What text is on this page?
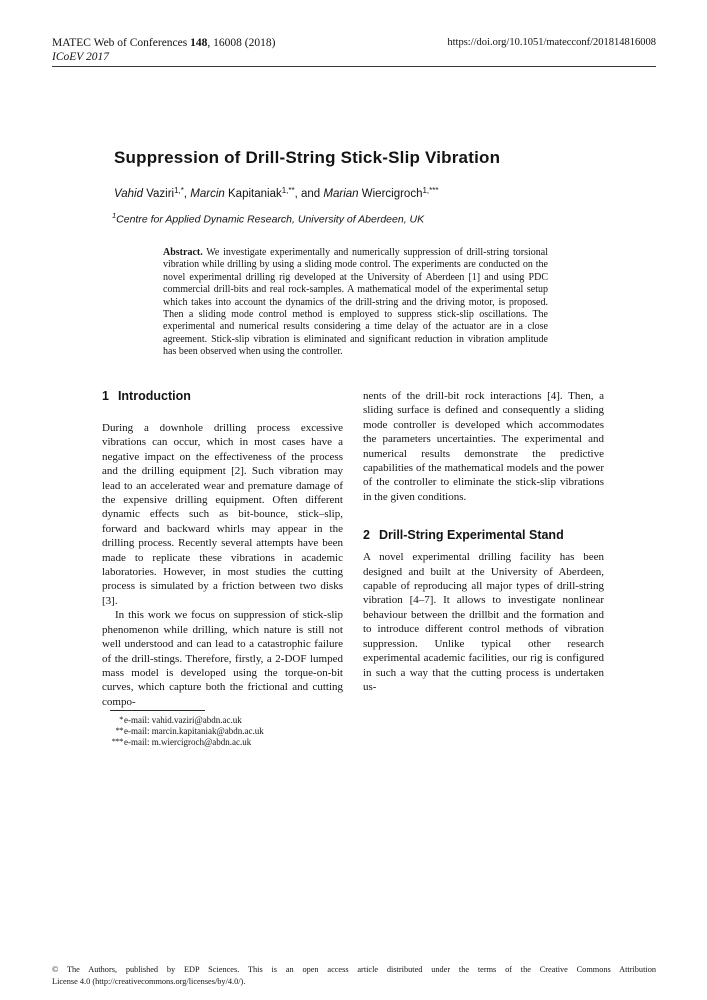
MATEC Web of Conferences 148, 16008 (2018)
ICoEV 2017
https://doi.org/10.1051/matecconf/201814816008
Suppression of Drill-String Stick-Slip Vibration
Vahid Vaziri$^{1,*}$, Marcin Kapitaniak$^{1,**}$, and Marian Wiercigroch$^{1,***}$
$^1$Centre for Applied Dynamic Research, University of Aberdeen, UK
Abstract. We investigate experimentally and numerically suppression of drill-string torsional vibration while drilling by using a sliding mode control. The experiments are conducted on the novel experimental drilling rig developed at the University of Aberdeen [1] and using PDC commercial drill-bits and real rock-samples. A mathematical model of the experimental setup which takes into account the dynamics of the drill-string and the driving motor, is proposed. Then a sliding mode control method is employed to suppress stick-slip oscillations. The experimental and numerical results considering a time delay of the actuator are in a close agreement. Stick-slip vibration is eliminated and significant reduction in vibration amplitude has been observed when using the controller.
1 Introduction

During a downhole drilling process excessive vibrations can occur, which in most cases have a negative impact on the effectiveness of the process and the drilling equipment [2]. Such vibration may lead to an accelerated wear and premature damage of the expensive drilling equipment. Often different dynamic effects such as bit-bounce, stick–slip, forward and backward whirls may appear in the drilling process. Recently several attempts have been made to replicate these vibrations in academic laboratories. However, in most studies the cutting process is simulated by a friction between two disks [3].

In this work we focus on suppression of stick-slip phenomenon while drilling, which nature is still not well understood and can lead to a catastrophic failure of the drill-stings. Therefore, firstly, a 2-DOF lumped mass model is developed using the torque-on-bit curves, which capture both the frictional and cutting compo-

nents of the drill-bit rock interactions [4]. Then, a sliding surface is defined and consequently a sliding mode controller is developed which accommodates the parameters uncertainties. The experimental and numerical results demonstrate the predictive capabilities of the mathematical models and the power of the controller to eliminate the stick-slip vibrations in the given conditions.

2 Drill-String Experimental Stand

A novel experimental drilling facility has been designed and built at the University of Aberdeen, capable of reproducing all major types of drill-string vibration [4–7]. It allows to investigate nonlinear behaviour between the drillbit and the formation and to introduce different control methods of vibration suppression. Unlike typical other research experimental academic facilities, our rig is configured in such a way that the cutting process is undertaken us-

* e-mail: vahid.vaziri@abdn.ac.uk
** e-mail: marcin.kapitaniak@abdn.ac.uk
*** e-mail: m.wiercigroch@abdn.ac.uk
© The Authors, published by EDP Sciences. This is an open access article distributed under the terms of the Creative Commons Attribution
License 4.0 (http://creativecommons.org/licenses/by/4.0/).
